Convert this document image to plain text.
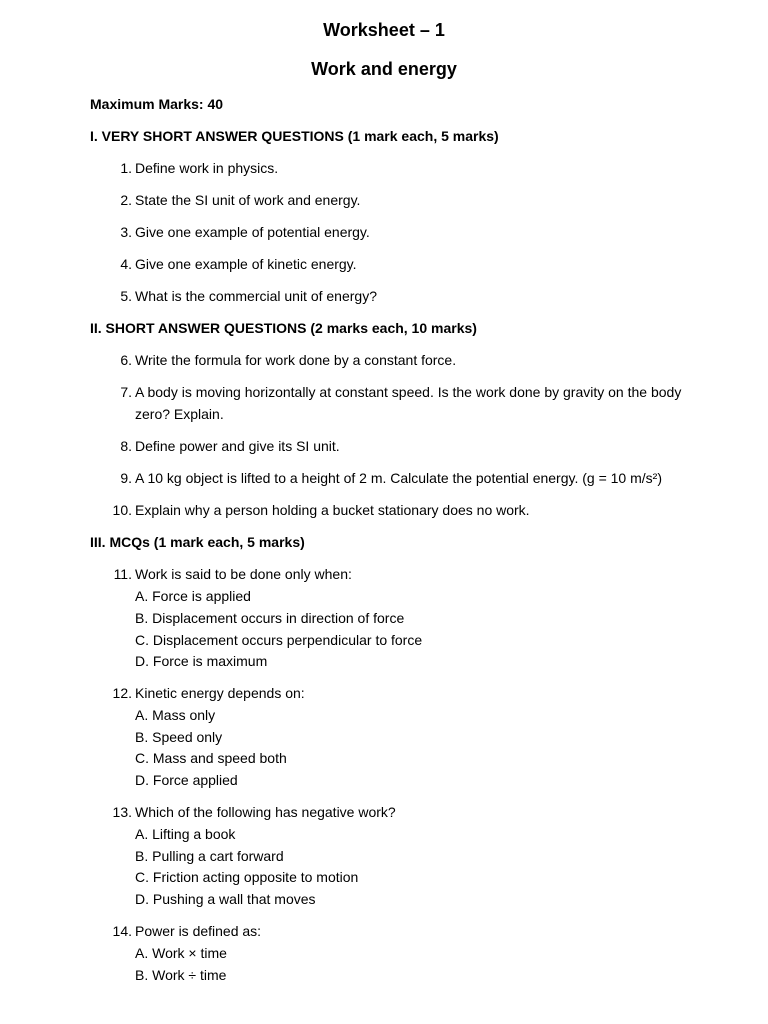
Worksheet – 1
Work and energy
Maximum Marks: 40
I. VERY SHORT ANSWER QUESTIONS (1 mark each, 5 marks)
1. Define work in physics.
2. State the SI unit of work and energy.
3. Give one example of potential energy.
4. Give one example of kinetic energy.
5. What is the commercial unit of energy?
II. SHORT ANSWER QUESTIONS (2 marks each, 10 marks)
6. Write the formula for work done by a constant force.
7. A body is moving horizontally at constant speed. Is the work done by gravity on the body zero? Explain.
8. Define power and give its SI unit.
9. A 10 kg object is lifted to a height of 2 m. Calculate the potential energy. (g = 10 m/s²)
10. Explain why a person holding a bucket stationary does no work.
III. MCQs (1 mark each, 5 marks)
11. Work is said to be done only when:
A. Force is applied
B. Displacement occurs in direction of force
C. Displacement occurs perpendicular to force
D. Force is maximum
12. Kinetic energy depends on:
A. Mass only
B. Speed only
C. Mass and speed both
D. Force applied
13. Which of the following has negative work?
A. Lifting a book
B. Pulling a cart forward
C. Friction acting opposite to motion
D. Pushing a wall that moves
14. Power is defined as:
A. Work × time
B. Work ÷ time
